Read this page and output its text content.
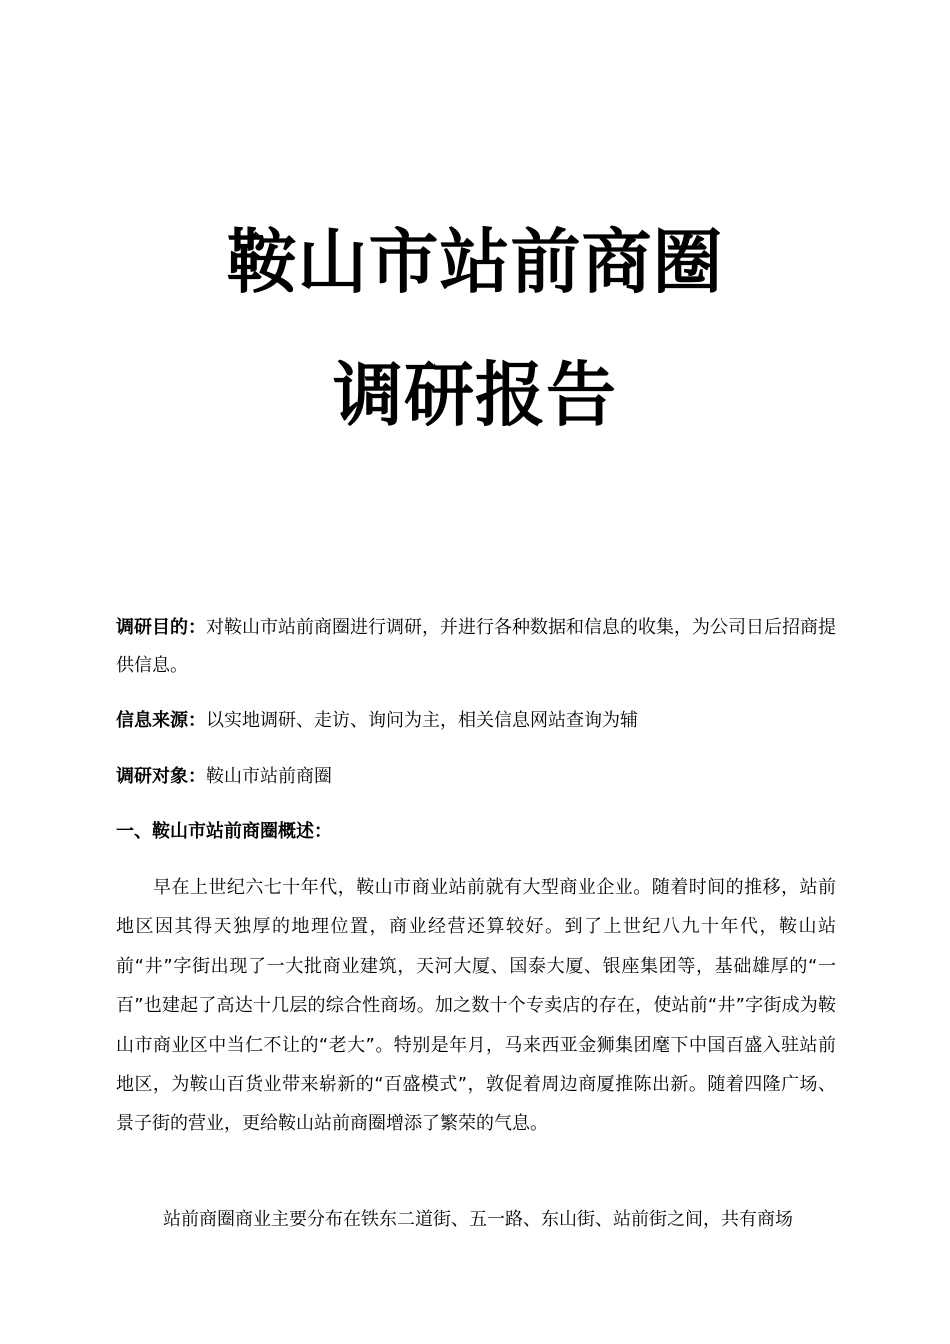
鞍山市站前商圈
调研报告
调研目的：对鞍山市站前商圈进行调研，并进行各种数据和信息的收集，为公司日后招商提供信息。
信息来源：以实地调研、走访、询问为主，相关信息网站查询为辅
调研对象：鞍山市站前商圈
一、鞍山市站前商圈概述：
早在上世纪六七十年代，鞍山市商业站前就有大型商业企业。随着时间的推移，站前地区因其得天独厚的地理位置，商业经营还算较好。到了上世纪八九十年代，鞍山站前“井”字街出现了一大批商业建筑，天河大厦、国泰大厦、银座集团等，基础雄厚的“一百”也建起了高达十几层的综合性商场。加之数十个专卖店的存在，使站前“井”字街成为鞍山市商业区中当仁不让的“老大”。特别是年月，马来西亚金狮集团麾下中国百盛入驻站前地区，为鞍山百货业带来崭新的“百盛模式”，敦促着周边商厦推陈出新。随着四隆广场、景子街的营业，更给鞍山站前商圈增添了繁荣的气息。
站前商圈商业主要分布在铁东二道街、五一路、东山街、站前街之间，共有商场
